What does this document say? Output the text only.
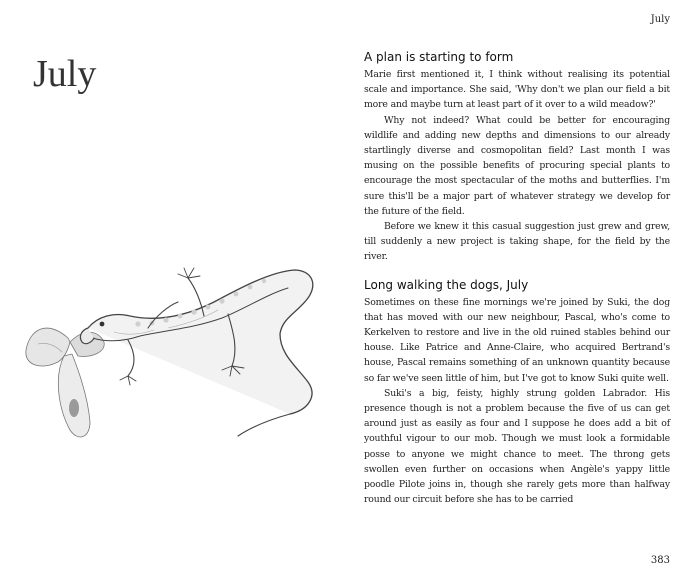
July
July	A plan is starting to form

Marie first mentioned it, I think without realising its potential scale and importance. She said, 'Why don't we plan our field a bit more and maybe turn at least part of it over to a wild meadow?'

Why not indeed? What could be better for encouraging wildlife and adding new depths and dimensions to our already startlingly diverse and cosmopolitan field? Last month I was musing on the possible benefits of procuring special plants to encourage the most spectacular of the moths and butterflies. I'm sure this'll be a major part of whatever strategy we develop for the future of the field.

Before we knew it this casual suggestion just grew and grew, till suddenly a new project is taking shape, for the field by the river.

Long walking the dogs, July

Sometimes on these fine mornings we're joined by Suki, the dog that has moved with our new neighbour, Pascal, who's come to Kerkelven to restore and live in the old ruined stables behind our house. Like Patrice and Anne-Claire, who acquired Bertrand's house, Pascal remains something of an unknown quantity because so far we've seen little of him, but I've got to know Suki quite well.

Suki's a big, feisty, highly strung golden Labrador. His presence though is not a problem because the five of us can get around just as easily as four and I suppose he does add a bit of youthful vigour to our mob. Though we must look a formidable posse to anyone we might chance to meet. The throng gets swollen even further on occasions when Angèle's yappy little poodle Pilote joins in, though she rarely gets more than halfway round our circuit before she has to be carried

383
